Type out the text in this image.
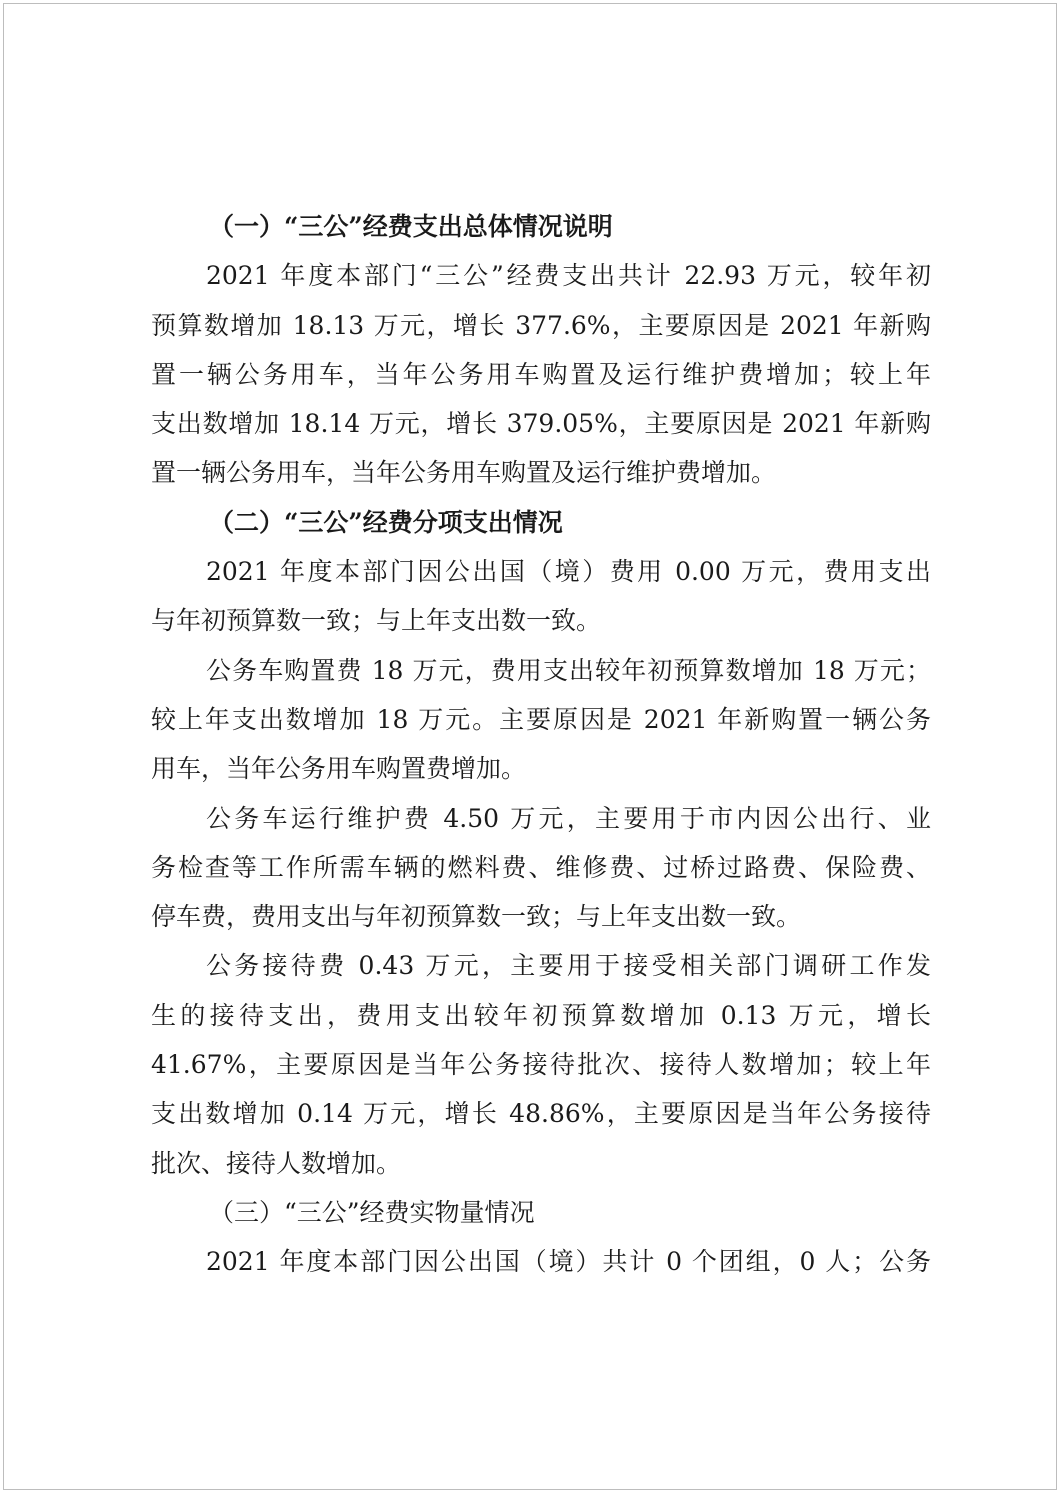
（一）“三公”经费支出总体情况说明
2021 年度本部门“三公”经费支出共计 22.93 万元，较年初
预算数增加 18.13 万元，增长 377.6%，主要原因是 2021 年新购
置一辆公务用车，当年公务用车购置及运行维护费增加；较上年
支出数增加 18.14 万元，增长 379.05%，主要原因是 2021 年新购
置一辆公务用车，当年公务用车购置及运行维护费增加。
（二）“三公”经费分项支出情况
2021 年度本部门因公出国（境）费用 0.00 万元，费用支出
与年初预算数一致；与上年支出数一致。
公务车购置费 18 万元，费用支出较年初预算数增加 18 万元；
较上年支出数增加 18 万元。主要原因是 2021 年新购置一辆公务
用车，当年公务用车购置费增加。
公务车运行维护费 4.50 万元，主要用于市内因公出行、业
务检查等工作所需车辆的燃料费、维修费、过桥过路费、保险费、
停车费，费用支出与年初预算数一致；与上年支出数一致。
公务接待费 0.43 万元，主要用于接受相关部门调研工作发
生的接待支出，费用支出较年初预算数增加 0.13 万元，增长
41.67%，主要原因是当年公务接待批次、接待人数增加；较上年
支出数增加 0.14 万元，增长 48.86%，主要原因是当年公务接待
批次、接待人数增加。
（三）“三公”经费实物量情况
2021 年度本部门因公出国（境）共计 0 个团组，0 人；公务
